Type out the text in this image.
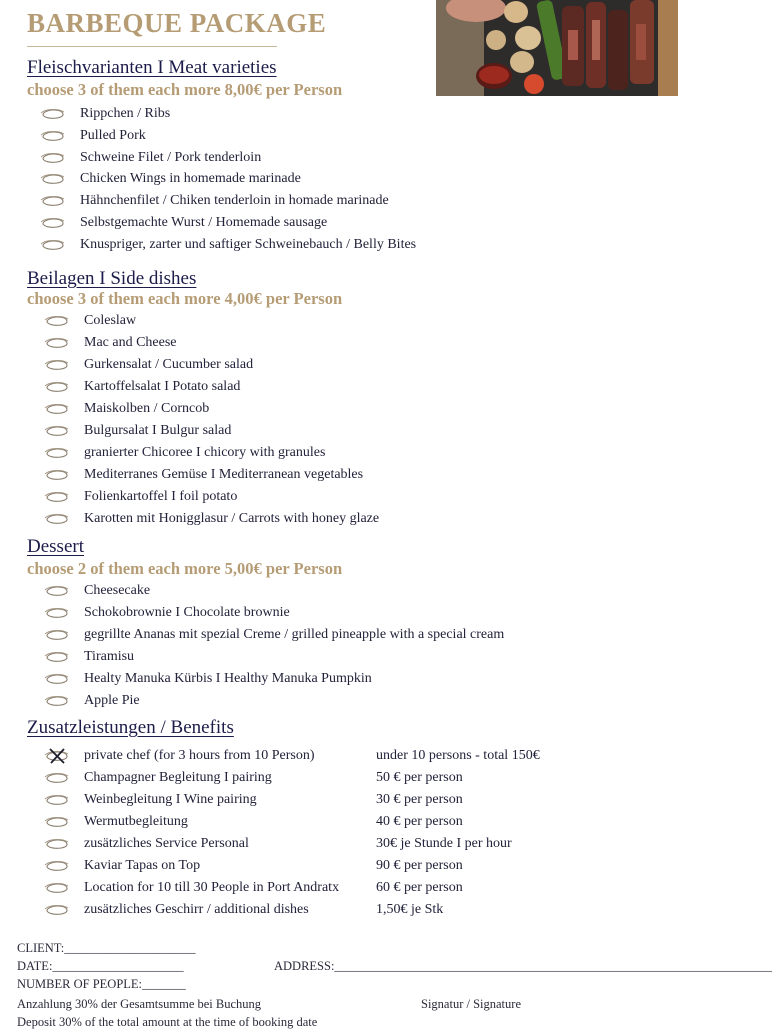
BARBEQUE PACKAGE
Fleischvarianten I Meat varieties
choose 3 of them each more 8,00€ per Person
Rippchen / Ribs
Pulled Pork
Schweine Filet / Pork tenderloin
Chicken Wings in homemade marinade
Hähnchenfilet / Chiken tenderloin in homade marinade
Selbstgemachte Wurst / Homemade sausage
Knuspriger, zarter und saftiger Schweinebauch / Belly Bites
Beilagen I Side dishes
choose 3 of them each more 4,00€ per Person
Coleslaw
Mac and Cheese
Gurkensalat / Cucumber salad
Kartoffelsalat I Potato salad
Maiskolben / Corncob
Bulgursalat I Bulgur salad
granierter Chicoree I chicory with granules
Mediterranes Gemüse I Mediterranean vegetables
Folienkartoffel I foil potato
Karotten mit Honigglasur / Carrots with honey glaze
Dessert
choose 2 of them each more 5,00€ per Person
Cheesecake
Schokobrownie I Chocolate brownie
gegrillte Ananas mit spezial Creme / grilled pineapple with a special cream
Tiramisu
Healty Manuka Kürbis I Healthy Manuka Pumpkin
Apple Pie
Zusatzleistungen / Benefits
private chef (for 3 hours from 10 Person)	under 10 persons - total 150€
Champagner Begleitung I pairing	50 € per person
Weinbegleitung I Wine pairing	30 € per person
Wermutbegleitung	40 € per person
zusätzliches Service Personal	30€ je Stunde I per hour
Kaviar Tapas on Top	90 € per person
Location for 10 till 30 People in Port Andratx	60 € per person
zusätzliches Geschirr / additional dishes	1,50€ je Stk
CLIENT:_____________________
DATE:_____________________	ADDRESS:______________________________________________________________________
NUMBER OF PEOPLE:_______
Anzahlung 30% der Gesamtsumme bei Buchung	Signatur / Signature
Deposit 30% of the total amount at the time of booking date
